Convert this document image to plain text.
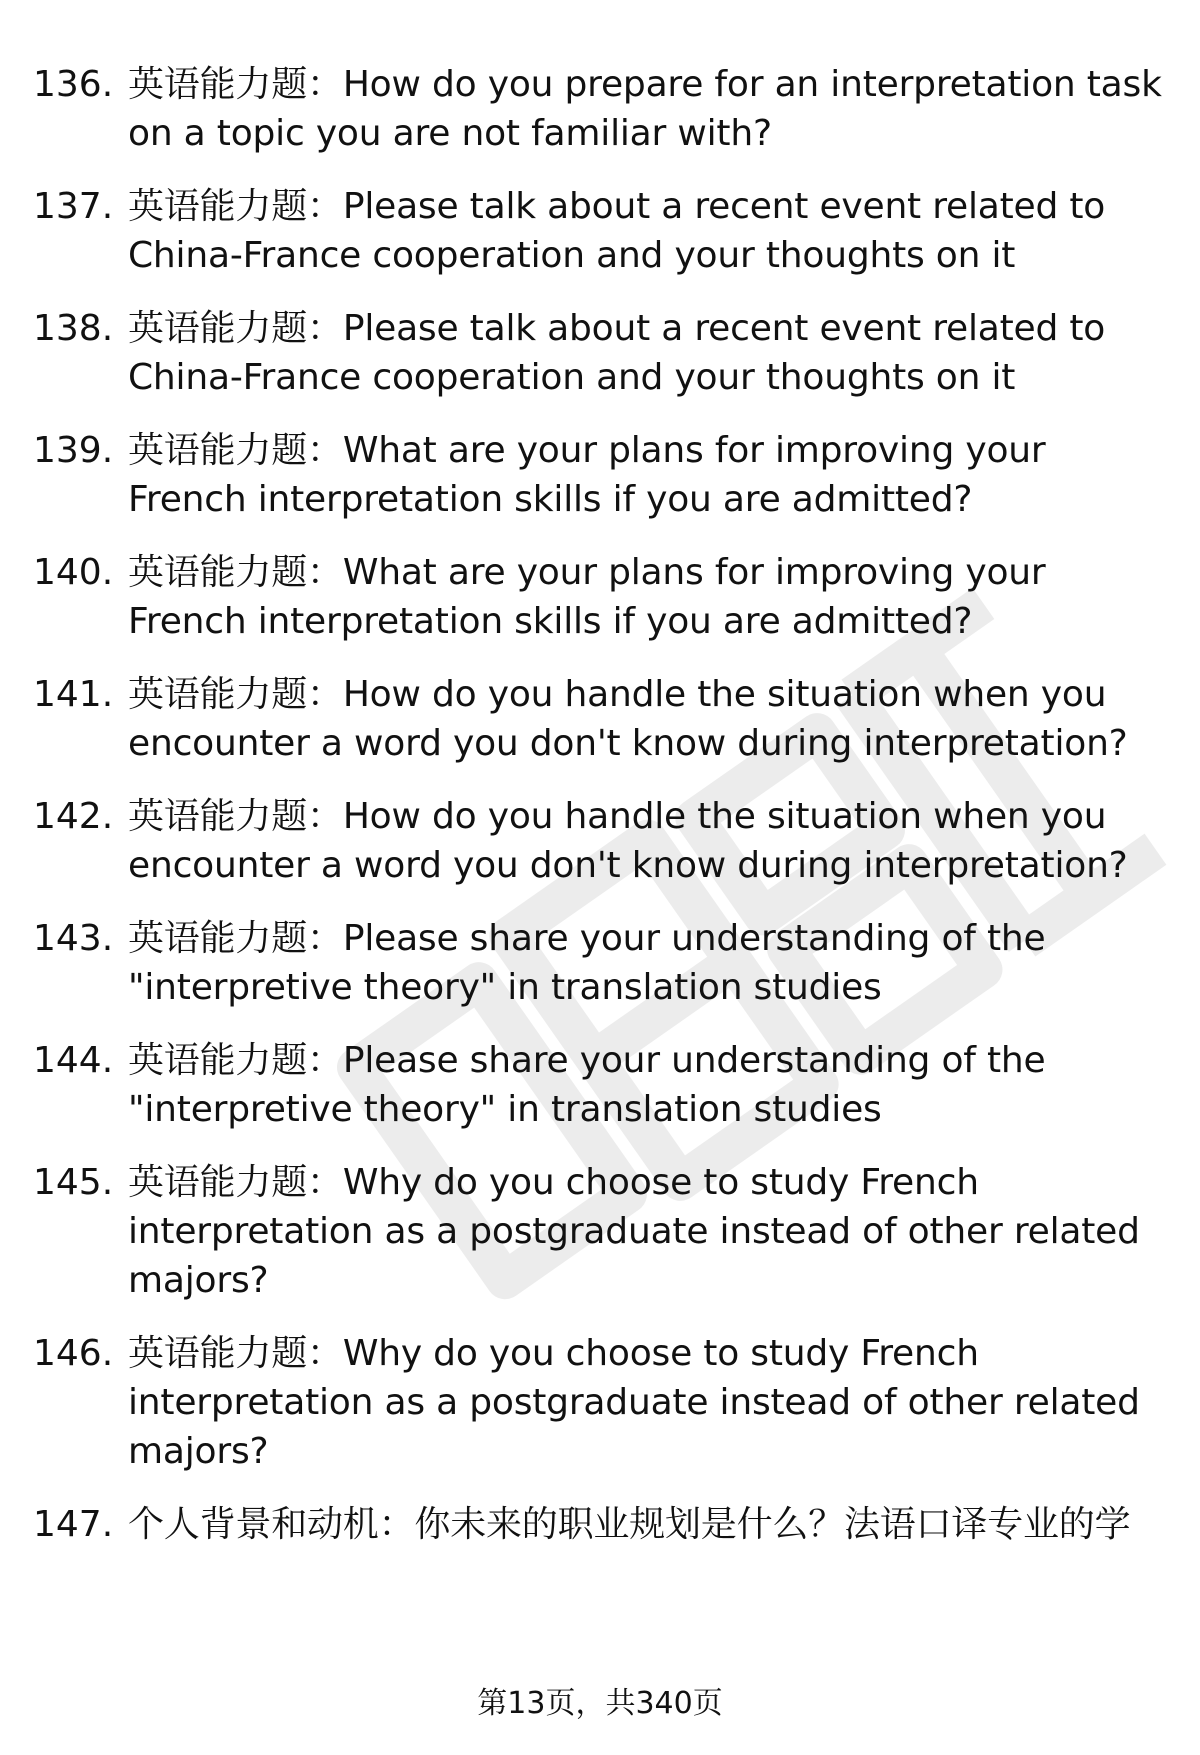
136. 英语能力题：How do you prepare for an interpretation task on a topic you are not familiar with?
137. 英语能力题：Please talk about a recent event related to China-France cooperation and your thoughts on it
138. 英语能力题：Please talk about a recent event related to China-France cooperation and your thoughts on it
139. 英语能力题：What are your plans for improving your French interpretation skills if you are admitted?
140. 英语能力题：What are your plans for improving your French interpretation skills if you are admitted?
141. 英语能力题：How do you handle the situation when you encounter a word you don't know during interpretation?
142. 英语能力题：How do you handle the situation when you encounter a word you don't know during interpretation?
143. 英语能力题：Please share your understanding of the "interpretive theory" in translation studies
144. 英语能力题：Please share your understanding of the "interpretive theory" in translation studies
145. 英语能力题：Why do you choose to study French interpretation as a postgraduate instead of other related majors?
146. 英语能力题：Why do you choose to study French interpretation as a postgraduate instead of other related majors?
147. 个人背景和动机：你未来的职业规划是什么？法语口译专业的学
第13页，共340页
